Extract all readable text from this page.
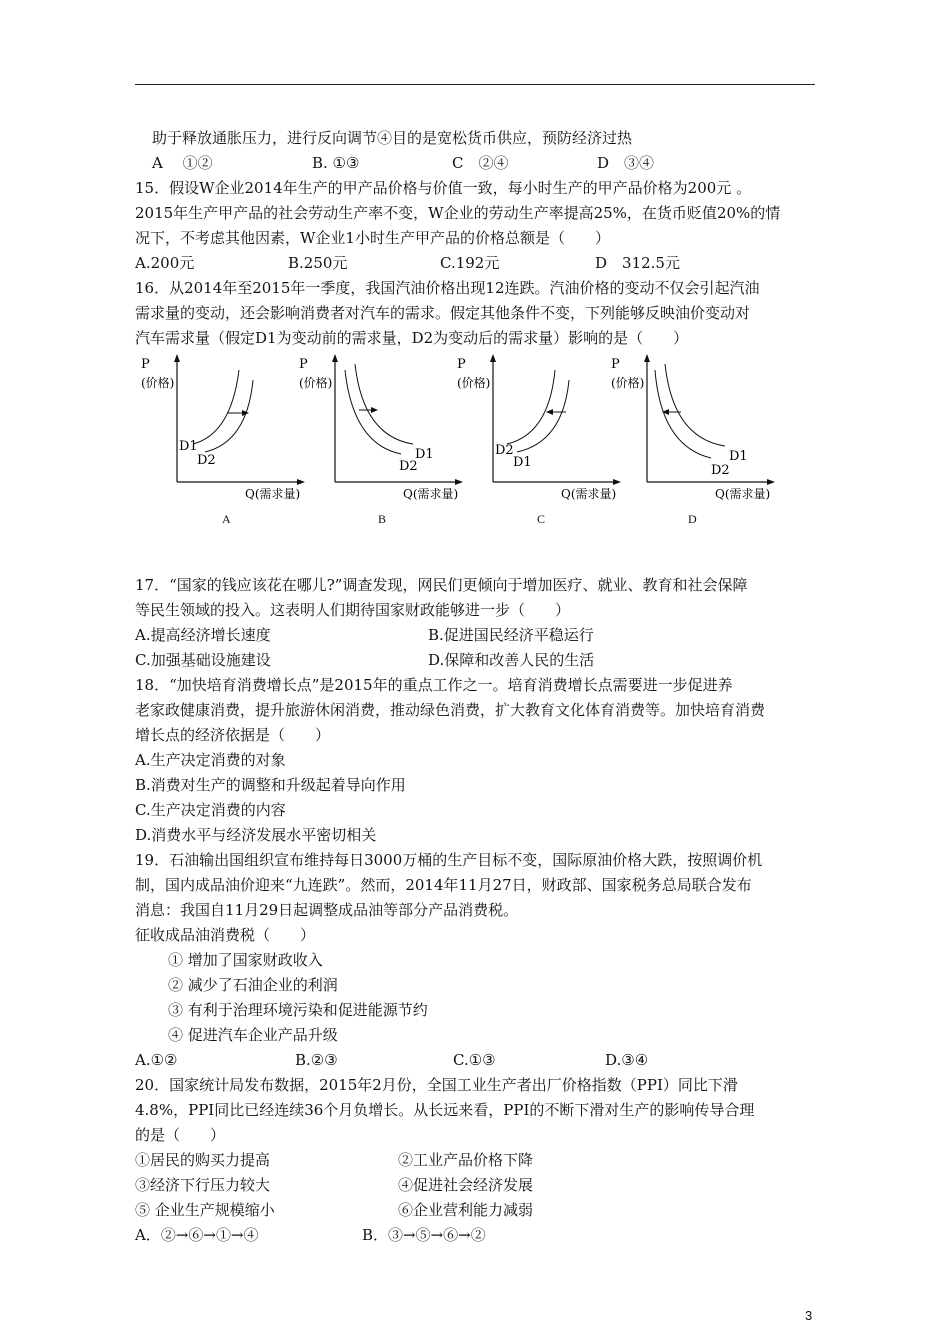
助于释放通胀压力，进行反向调节④目的是宽松货币供应，预防经济过热
A　 ①②	B. ①③	C　②④	D　③④
15．假设W企业2014年生产的甲产品价格与价值一致，每小时生产的甲产品价格为200元 。
2015年生产甲产品的社会劳动生产率不变，W企业的劳动生产率提高25%，在货币贬值20%的情
况下，不考虑其他因素，W企业1小时生产甲产品的价格总额是（　　）
A.200元	B.250元	C.192元	D　312.5元
16．从2014年至2015年一季度，我国汽油价格出现12连跌。汽油价格的变动不仅会引起汽油
需求量的变动，还会影响消费者对汽车的需求。假定其他条件不变，下列能够反映油价变动对
汽车需求量（假定D1为变动前的需求量，D2为变动后的需求量）影响的是（　　）
P
(价格)
D1
D2
Q(需求量)
A
P
(价格)
D1
D2
Q(需求量)
B
P
(价格)
D2
D1
Q(需求量)
C
P
(价格)
D1
D2
Q(需求量)
D
17．“国家的钱应该花在哪儿?”调查发现，网民们更倾向于增加医疗、就业、教育和社会保障
等民生领域的投入。这表明人们期待国家财政能够进一步（　　）
A.提高经济增长速度	B.促进国民经济平稳运行
C.加强基础设施建设	D.保障和改善人民的生活
18．“加快培育消费增长点”是2015年的重点工作之一。培育消费增长点需要进一步促进养
老家政健康消费，提升旅游休闲消费，推动绿色消费，扩大教育文化体育消费等。加快培育消费
增长点的经济依据是（　　）
A.生产决定消费的对象
B.消费对生产的调整和升级起着导向作用
C.生产决定消费的内容
D.消费水平与经济发展水平密切相关
19．石油输出国组织宣布维持每日3000万桶的生产目标不变，国际原油价格大跌，按照调价机
制，国内成品油价迎来“九连跌”。然而，2014年11月27日，财政部、国家税务总局联合发布
消息：我国自11月29日起调整成品油等部分产品消费税。
征收成品油消费税（　　）
① 增加了国家财政收入
② 减少了石油企业的利润
③ 有利于治理环境污染和促进能源节约
④ 促进汽车企业产品升级
A.①②	B.②③	C.①③	D.③④
20．国家统计局发布数据，2015年2月份，全国工业生产者出厂价格指数（PPI）同比下滑
4.8%，PPI同比已经连续36个月负增长。从长远来看，PPI的不断下滑对生产的影响传导合理
的是（　　）
①居民的购买力提高	②工业产品价格下降
③经济下行压力较大	④促进社会经济发展
⑤ 企业生产规模缩小	⑥企业营利能力减弱
A．②→⑥→①→④	B．③→⑤→⑥→②
3
